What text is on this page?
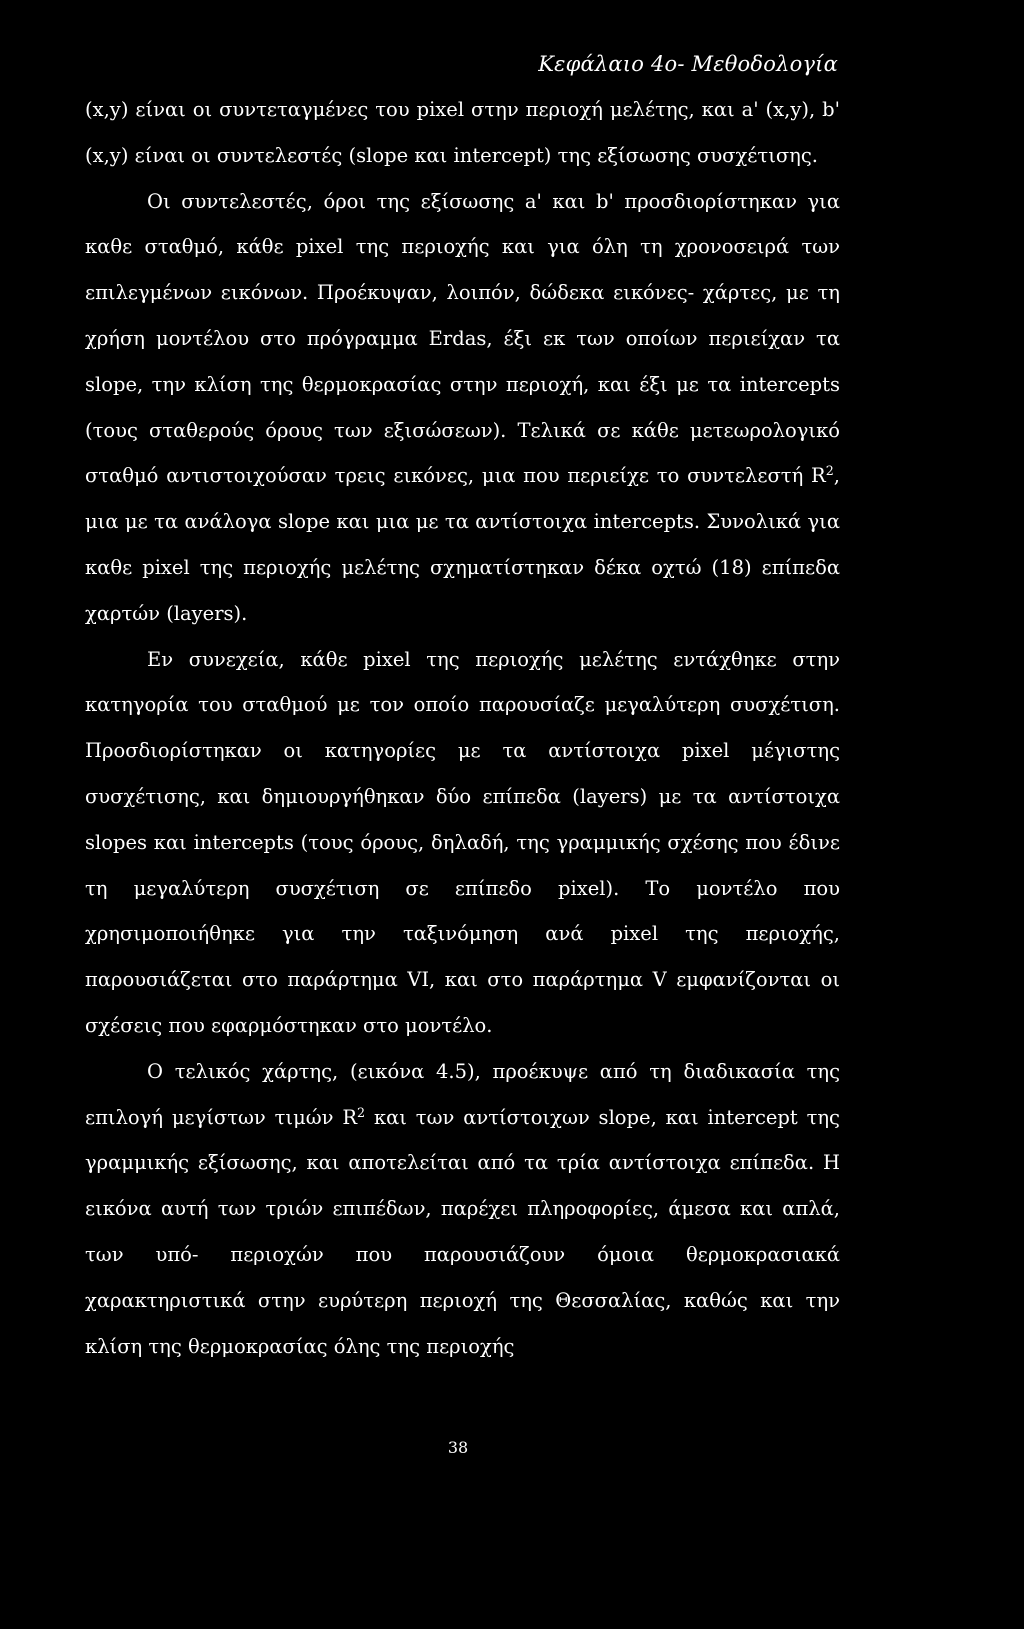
Κεφάλαιο 4ο- Μεθοδολογία

(x,y) είναι οι συντεταγμένες του pixel στην περιοχή μελέτης, και a' (x,y), b' (x,y) είναι οι συντελεστές (slope και intercept) της εξίσωσης συσχέτισης.

Οι συντελεστές, όροι της εξίσωσης a' και b' προσδιορίστηκαν για καθε σταθμό, κάθε pixel της περιοχής και για όλη τη χρονοσειρά των επιλεγμένων εικόνων. Προέκυψαν, λοιπόν, δώδεκα εικόνες- χάρτες, με τη χρήση μοντέλου στο πρόγραμμα Erdas, έξι εκ των οποίων περιείχαν τα slope, την κλίση της θερμοκρασίας στην περιοχή, και έξι με τα intercepts (τους σταθερούς όρους των εξισώσεων). Τελικά σε κάθε μετεωρολογικό σταθμό αντιστοιχούσαν τρεις εικόνες, μια που περιείχε το συντελεστή $R^2$, μια με τα ανάλογα slope και μια με τα αντίστοιχα intercepts. Συνολικά για καθε pixel της περιοχής μελέτης σχηματίστηκαν δέκα οχτώ (18) επίπεδα χαρτών (layers).

Εν συνεχεία, κάθε pixel της περιοχής μελέτης εντάχθηκε στην κατηγορία του σταθμού με τον οποίο παρουσίαζε μεγαλύτερη συσχέτιση. Προσδιορίστηκαν οι κατηγορίες με τα αντίστοιχα pixel μέγιστης συσχέτισης, και δημιουργήθηκαν δύο επίπεδα (layers) με τα αντίστοιχα slopes και intercepts (τους όρους, δηλαδή, της γραμμικής σχέσης που έδινε τη μεγαλύτερη συσχέτιση σε επίπεδο pixel). Το μοντέλο που χρησιμοποιήθηκε για την ταξινόμηση ανά pixel της περιοχής, παρουσιάζεται στο παράρτημα VI, και στο παράρτημα V εμφανίζονται οι σχέσεις που εφαρμόστηκαν στο μοντέλο.

Ο τελικός χάρτης, (εικόνα 4.5), προέκυψε από τη διαδικασία της επιλογή μεγίστων τιμών $R^2$ και των αντίστοιχων slope, και intercept της γραμμικής εξίσωσης, και αποτελείται από τα τρία αντίστοιχα επίπεδα. Η εικόνα αυτή των τριών επιπέδων, παρέχει πληροφορίες, άμεσα και απλά, των υπό- περιοχών που παρουσιάζουν όμοια θερμοκρασιακά χαρακτηριστικά στην ευρύτερη περιοχή της Θεσσαλίας, καθώς και την κλίση της θερμοκρασίας όλης της περιοχής

38
